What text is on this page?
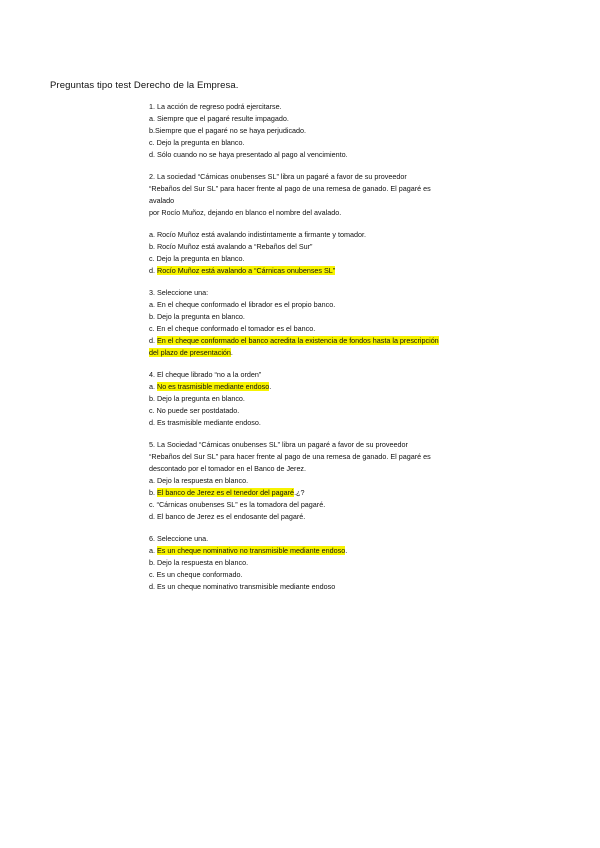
Preguntas tipo test Derecho de la Empresa.
1. La acción de regreso podrá ejercitarse.
a. Siempre que el pagaré resulte impagado.
b.Siempre que el pagaré no se haya perjudicado.
c. Dejo la pregunta en blanco.
d. Sólo cuando no se haya presentado al pago al vencimiento.
2. La sociedad “Cárnicas onubenses SL” libra un pagaré a favor de su proveedor
“Rebaños del Sur SL” para hacer frente al pago de una remesa de ganado. El pagaré es
avalado
por Rocío Muñoz, dejando en blanco el nombre del avalado.
a. Rocío Muñoz está avalando indistintamente a firmante y tomador.
b. Rocío Muñoz está avalando a “Rebaños del Sur”
c. Dejo la pregunta en blanco.
d. Rocío Muñoz está avalando a “Cárnicas onubenses SL”
3. Seleccione una:
a. En el cheque conformado el librador es el propio banco.
b. Dejo la pregunta en blanco.
c. En el cheque conformado el tomador es el banco.
d. En el cheque conformado el banco acredita la existencia de fondos hasta la prescripción
del plazo de presentación.
4. El cheque librado “no a la orden”
a. No es trasmisible mediante endoso.
b. Dejo la pregunta en blanco.
c. No puede ser postdatado.
d. Es trasmisible mediante endoso.
5. La Sociedad “Cárnicas onubenses SL” libra un pagaré a favor de su proveedor
“Rebaños del Sur SL” para hacer frente al pago de una remesa de ganado. El pagaré es
descontado por el tomador en el Banco de Jerez.
a. Dejo la respuesta en blanco.
b. El banco de Jerez es el tenedor del pagaré.¿?
c. “Cárnicas onubenses SL” es la tomadora del pagaré.
d. El banco de Jerez es el endosante del pagaré.
6. Seleccione una.
a. Es un cheque nominativo no transmisible mediante endoso.
b. Dejo la respuesta en blanco.
c. Es un cheque conformado.
d. Es un cheque nominativo transmisible mediante endoso
